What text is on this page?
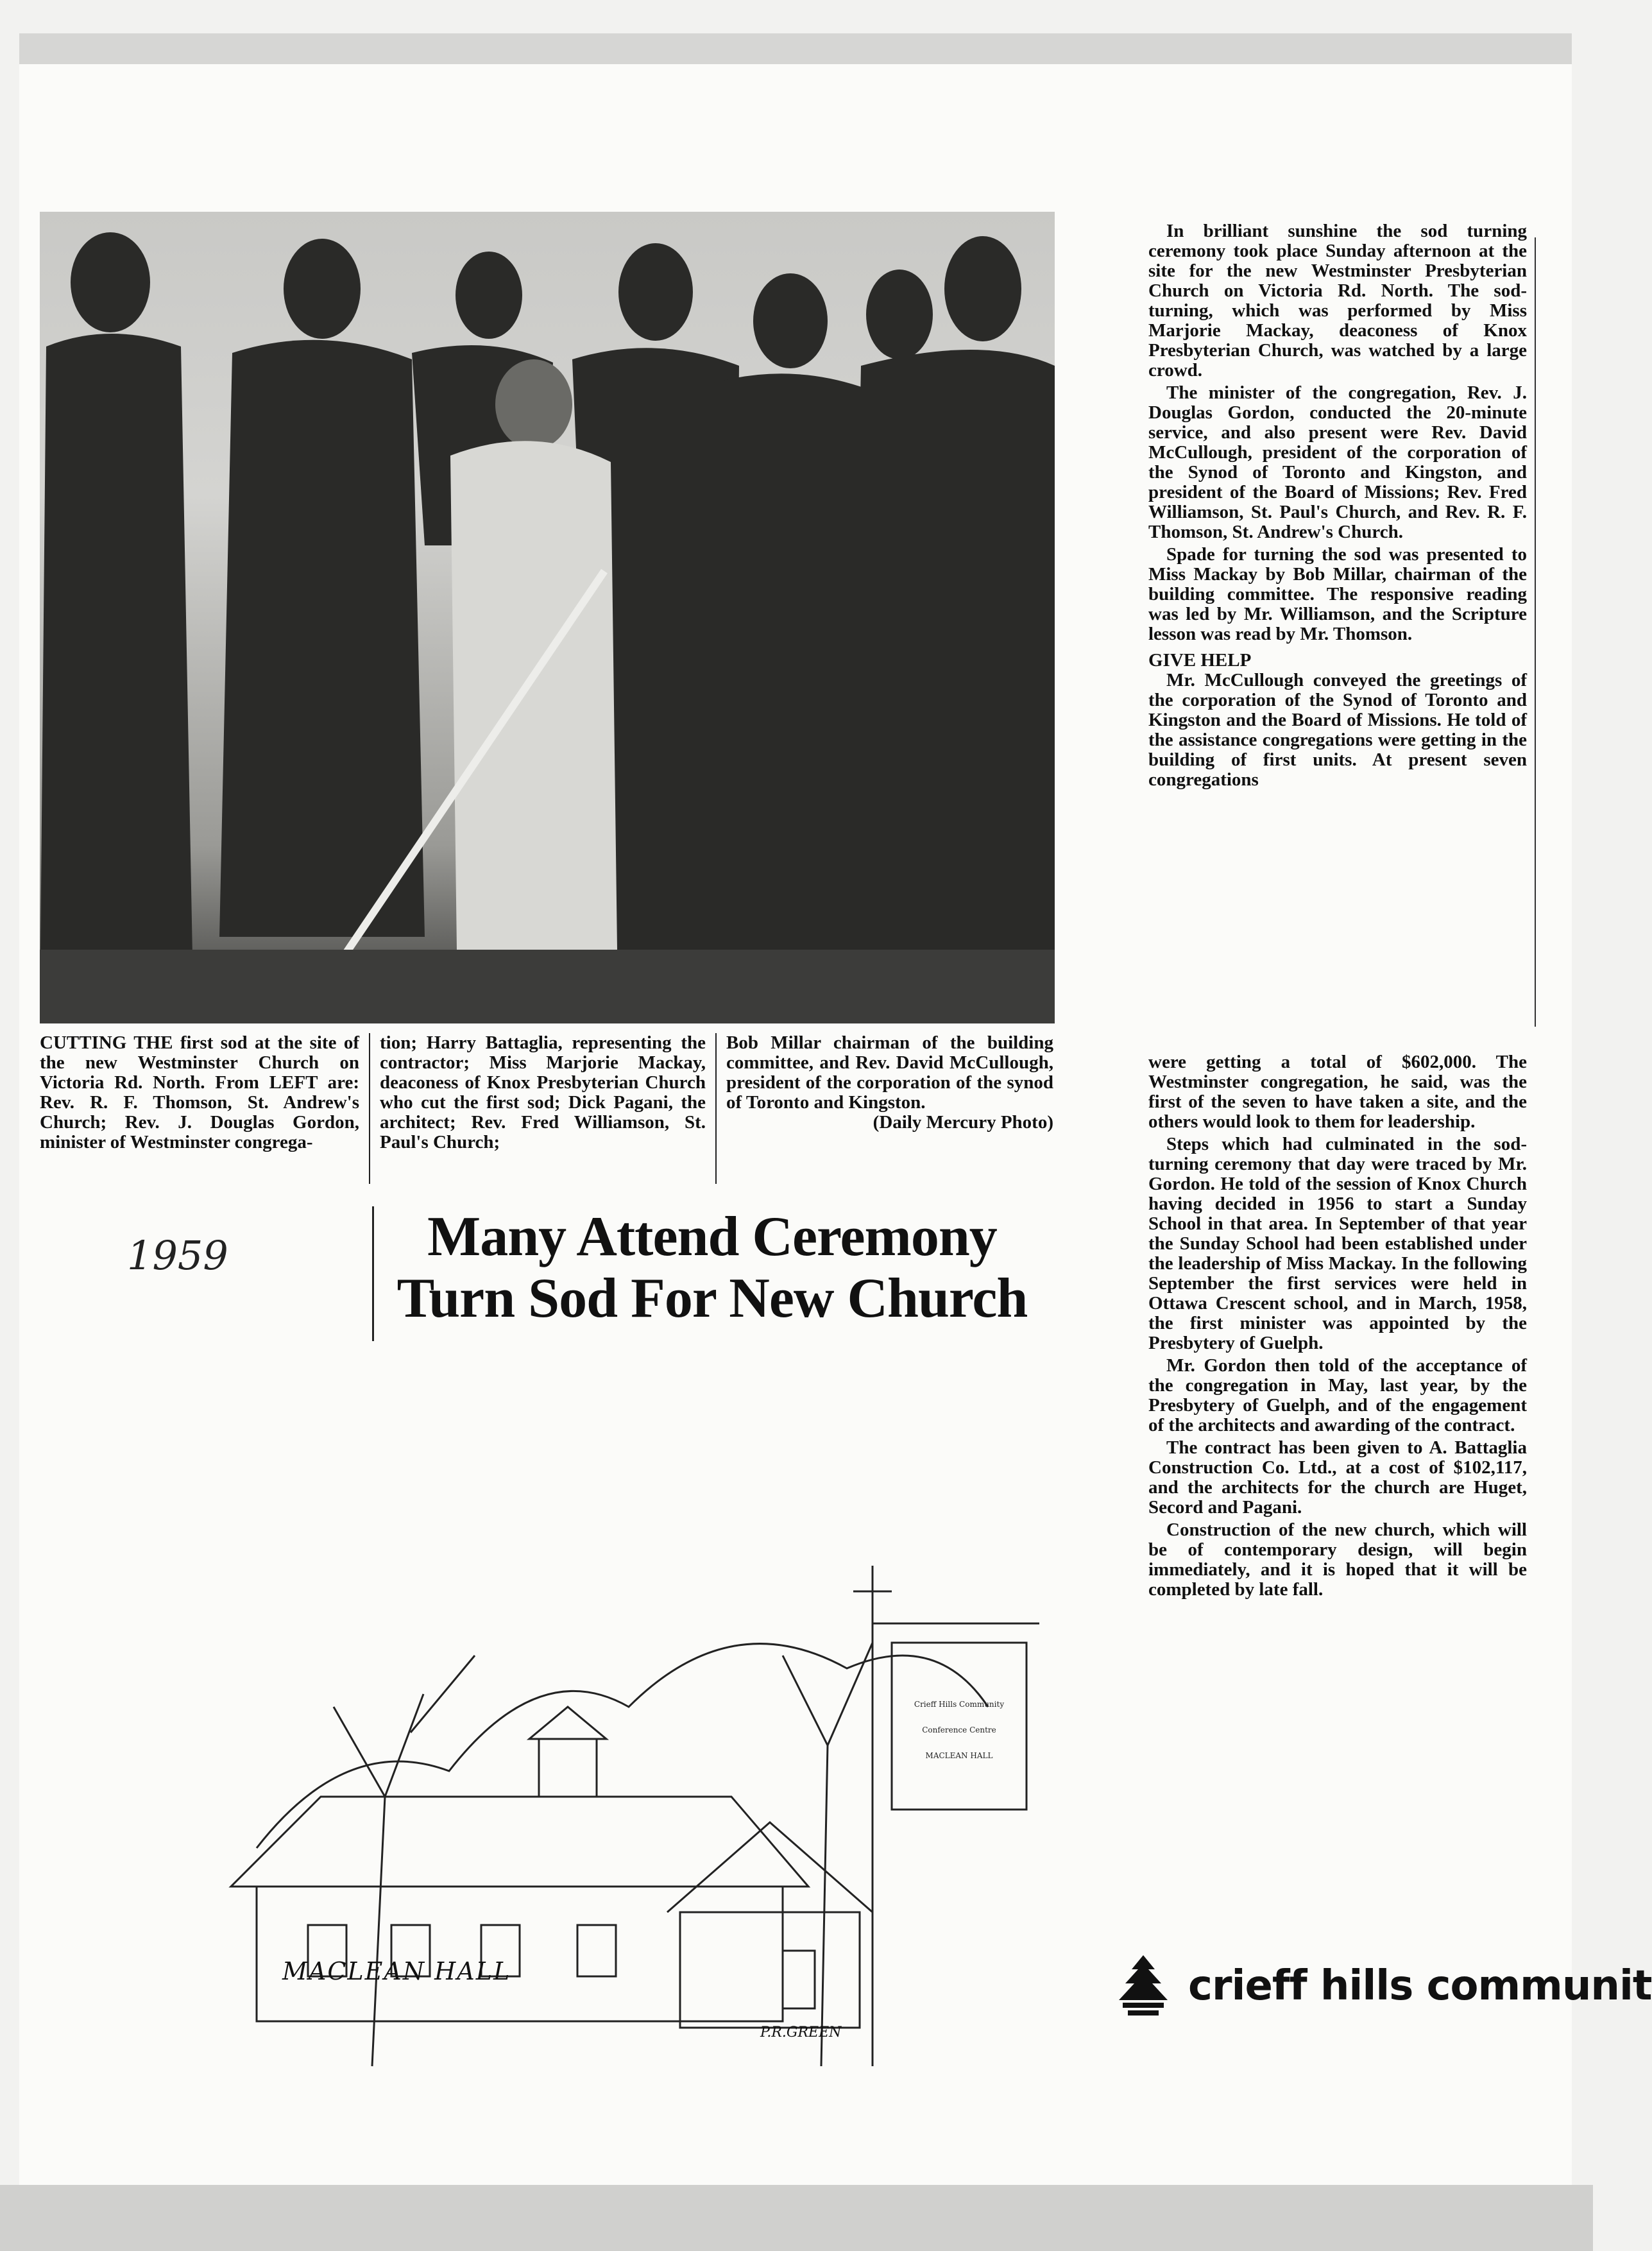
CUTTING THE first sod at the site of the new Westminster Church on Victoria Rd. North. From LEFT are: Rev. R. F. Thomson, St. Andrew's Church; Rev. J. Douglas Gordon, minister of Westminster congrega-
tion; Harry Battaglia, representing the contractor; Miss Marjorie Mackay, deaconess of Knox Presbyterian Church who cut the first sod; Dick Pagani, the architect; Rev. Fred Williamson, St. Paul's Church;
Bob Millar chairman of the building committee, and Rev. David McCullough, president of the corporation of the synod of Toronto and Kingston.
(Daily Mercury Photo)
1959	Many Attend Ceremony
Turn Sod For New Church

In brilliant sunshine the sod turning ceremony took place Sunday afternoon at the site for the new Westminster Presbyterian Church on Victoria Rd. North. The sod-turning, which was performed by Miss Marjorie Mackay, deaconess of Knox Presbyterian Church, was watched by a large crowd.

The minister of the congregation, Rev. J. Douglas Gordon, conducted the 20-minute service, and also present were Rev. David McCullough, president of the corporation of the Synod of Toronto and Kingston, and president of the Board of Missions; Rev. Fred Williamson, St. Paul's Church, and Rev. R. F. Thomson, St. Andrew's Church.

Spade for turning the sod was presented to Miss Mackay by Bob Millar, chairman of the building committee. The responsive reading was led by Mr. Williamson, and the Scripture lesson was read by Mr. Thomson.

GIVE HELP

Mr. McCullough conveyed the greetings of the corporation of the Synod of Toronto and Kingston and the Board of Missions. He told of the assistance congregations were getting in the building of first units. At present seven congregations

were getting a total of $602,000. The Westminster congregation, he said, was the first of the seven to have taken a site, and the others would look to them for leadership.

Steps which had culminated in the sod-turning ceremony that day were traced by Mr. Gordon. He told of the session of Knox Church having decided in 1956 to start a Sunday School in that area. In September of that year the Sunday School had been established under the leadership of Miss Mackay. In the following September the first services were held in Ottawa Crescent school, and in March, 1958, the first minister was appointed by the Presbytery of Guelph.

Mr. Gordon then told of the acceptance of the congregation in May, last year, by the Presbytery of Guelph, and of the engagement of the architects and awarding of the contract.

The contract has been given to A. Battaglia Construction Co. Ltd., at a cost of $102,117, and the architects for the church are Huget, Secord and Pagani.

Construction of the new church, which will be of contemporary design, will begin immediately, and it is hoped that it will be completed by late fall.

Crieff Hills Community
Conference Centre
MACLEAN HALL
MACLEAN HALL
P.R.GREEN
crieff hills communit
